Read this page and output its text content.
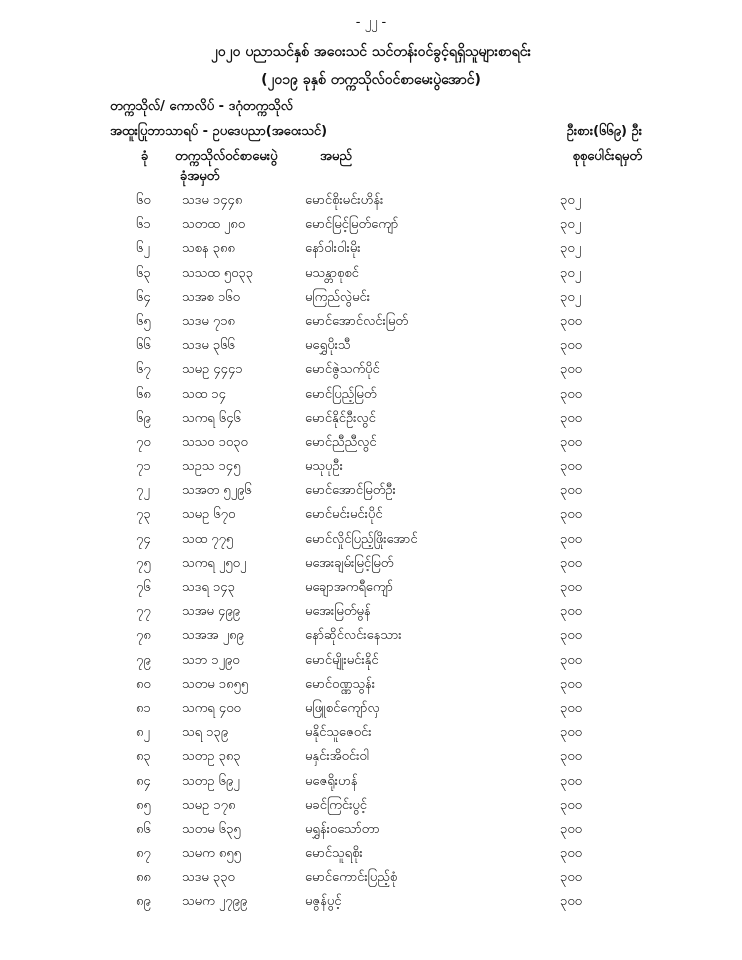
- ၂၂ -
၂၀၂၀ ပညာသင်နှစ် အဝေးသင် သင်တန်းဝင်ခွင့်ရရှိသူများစာရင်း
(၂၀၁၉ ခုနှစ် တက္ကသိုလ်ဝင်စာမေးပွဲအောင်)
တက္ကသိုလ်/ ကောလိပ် - ဒဂုံတက္ကသိုလ်
အထူးပြုဘာသာရပ် - ဥပဒေပညာ(အဝေးသင်)	ဦးစား(၆၆၉) ဦး
ခုံ တက္ကသိုလ်ဝင်စာမေးပွဲ
ခုံအမှတ်
အမည်	စုစုပေါင်းရမှတ်
၆၀ သဒမ ၁၄၄၈	မောင်စိုးမင်းဟိန်း	၃၀၂
၆၁ သတထ ၂၈၀	မောင်မြင့်မြတ်ကျော်	၃၀၂
၆၂ သစန ၃၈၈	နော်ဝါးဝါးမိုး	၃၀၂
၆၃ သသထ ၅၀၃၃	မသန္တာစုစင်	၃၀၂
၆၄ သအစ ၁၆၀	မကြည်လွဲမင်း	၃၀၂
၆၅ သဒမ ၇၁၈	မောင်အောင်လင်းမြတ်	၃၀၀
၆၆ သဒမ ၃၆၆	မရွှေပိုးသီ	၃၀၀
၆၇ သမဥ ၄၄၄၁	မောင်ဇွဲသက်ပိုင်	၃၀၀
၆၈ သထ ၁၄	မောင်ပြည့်မြတ်	၃၀၀
၆၉ သကရ ၆၄၆	မောင်နိုင်ဦးလွင်	၃၀၀
၇၀ သသဝ ၁၀၃၀	မောင်ညီညီလွင်	၃၀၀
၇၁ သဥသ ၁၄၅	မသုပုဦး	၃၀၀
၇၂ သအတ ၅၂၉၆	မောင်အောင်မြတ်ဦး	၃၀၀
၇၃ သမဥ ၆၇၀	မောင်မင်းမင်းပိုင်	၃၀၀
၇၄ သထ ၇၇၅	မောင်လှိုင်ပြည့်ဖြိုးအောင်	၃၀၀
၇၅ သကရ ၂၅၀၂	မအေးချမ်းမြင့်မြတ်	၃၀၀
၇၆ သဒရ ၁၄၃	မချောအကရီကျော်	၃၀၀
၇၇ သအမ ၄၉၉	မအေးမြတ်မွန်	၃၀၀
၇၈ သအအ ၂၈၉	နော်ဆိုင်လင်းနေသား	၃၀၀
၇၉ သဘ ၁၂၉၀	မောင်မျိုးမင်းနိုင်	၃၀၀
၈၀ သတမ ၁၈၅၅	မောင်ဝဏ္ဏသွန်း	၃၀၀
၈၁ သကရ ၄၀၀	မဖြူစင်ကျော်လှ	၃၀၀
၈၂ သရ ၁၃၉	မနိုင်သူဇေဝင်း	၃၀၀
၈၃ သတဥ ၃၈၃	မနှင်းအိဝင်းဝါ	၃၀၀
၈၄ သတဥ ၆၉၂	မဇေရိုးဟန်	၃၀၀
၈၅ သမဥ ၁၇၈	မခင်ကြင်းပွင့်	၃၀၀
၈၆ သတမ ၆၃၅	မရွှန်းဝသော်တာ	၃၀၀
၈၇ သမက ၈၅၅	မောင်သူရစိုး	၃၀၀
၈၈ သဒမ ၃၃၀	မောင်ကောင်းပြည့်စုံ	၃၀၀
၈၉ သမက ၂၇၉၉	မဇွန်ပွင့်	၃၀၀
